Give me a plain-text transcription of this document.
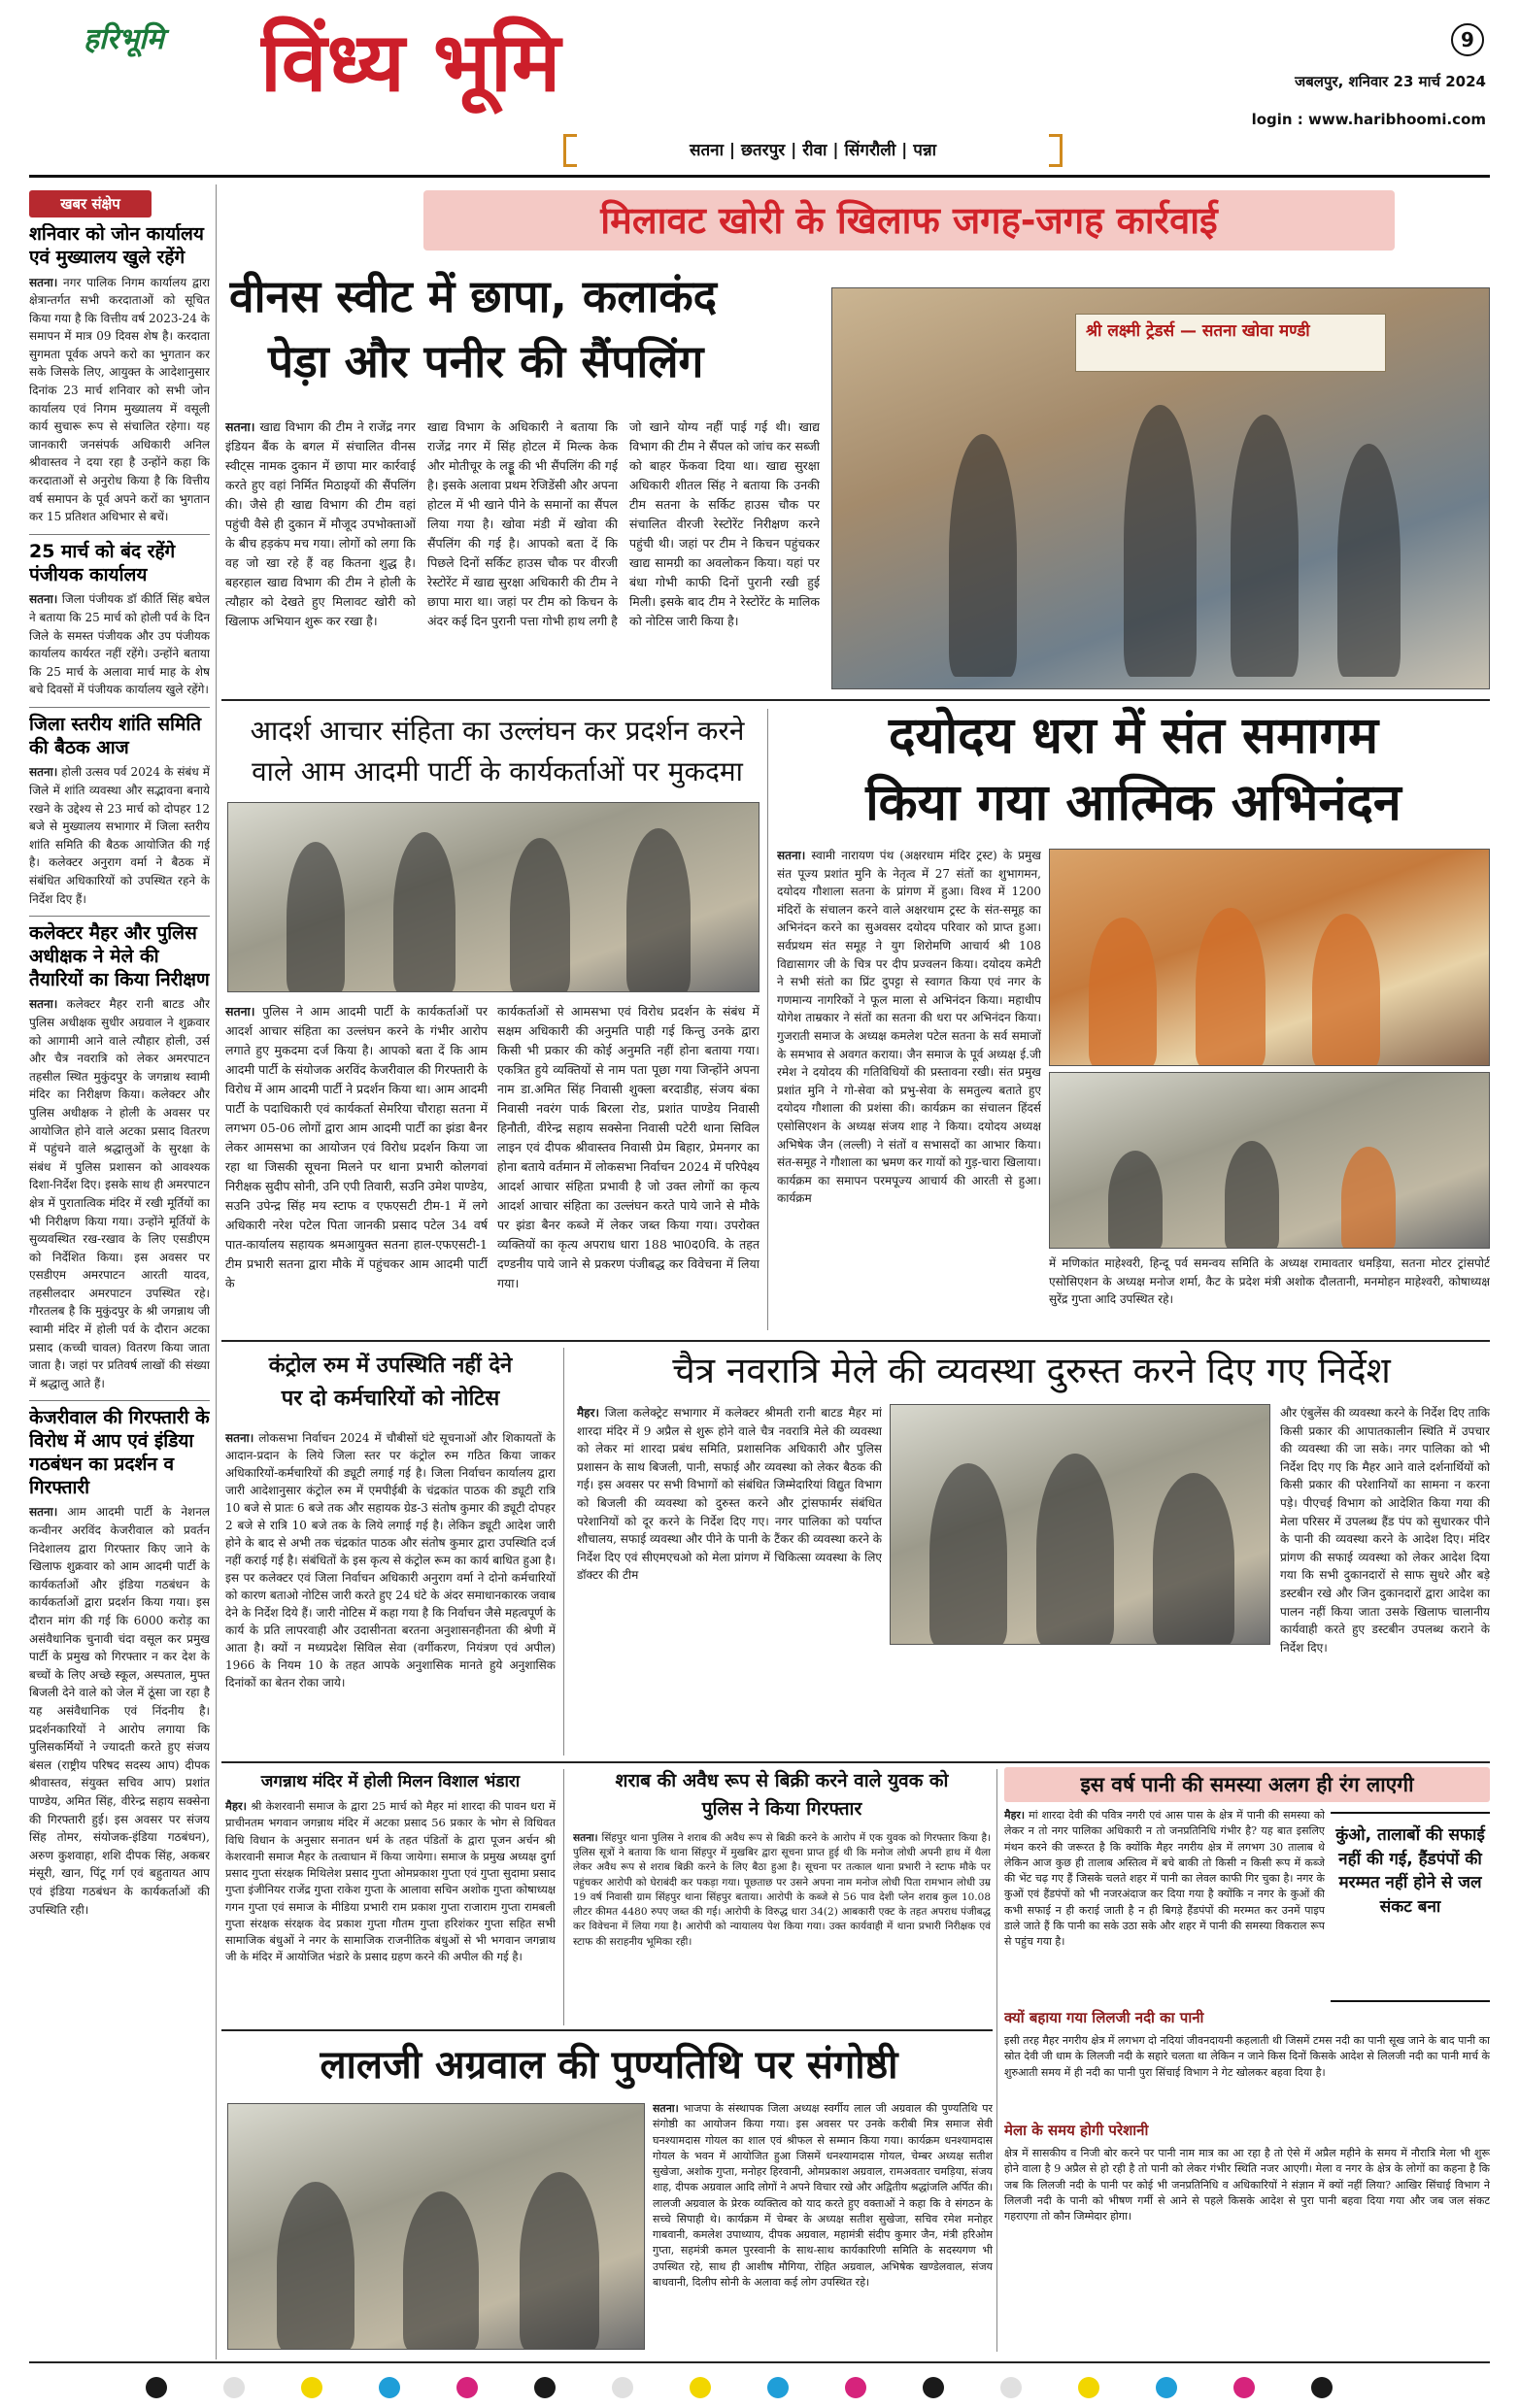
हरिभूमि	विंध्य भूमि	9
जबलपुर, शनिवार 23 मार्च 2024
login : www.haribhoomi.com
सतना | छतरपुर | रीवा | सिंगरौली | पन्ना
खबर संक्षेप
शनिवार को जोन कार्यालय एवं मुख्यालय खुले रहेंगे
सतना। नगर पालिक निगम कार्यालय द्वारा क्षेत्रान्तर्गत सभी करदाताओं को सूचित किया गया है कि वित्तीय वर्ष 2023-24 के समापन में मात्र 09 दिवस शेष है। करदाता सुगमता पूर्वक अपने करो का भुगतान कर सके जिसके लिए, आयुक्त के आदेशानुसार दिनांक 23 मार्च शनिवार को सभी जोन कार्यालय एवं निगम मुख्यालय में वसूली कार्य सुचारू रूप से संचालित रहेगा। यह जानकारी जनसंपर्क अधिकारी अनिल श्रीवास्तव ने दया रहा है उन्होंने कहा कि करदाताओं से अनुरोध किया है कि वित्तीय वर्ष समापन के पूर्व अपने करों का भुगतान कर 15 प्रतिशत अधिभार से बचें।
25 मार्च को बंद रहेंगे पंजीयक कार्यालय
सतना। जिला पंजीयक डॉ कीर्ति सिंह बघेल ने बताया कि 25 मार्च को होली पर्व के दिन जिले के समस्त पंजीयक और उप पंजीयक कार्यालय कार्यरत नहीं रहेंगे। उन्होंने बताया कि 25 मार्च के अलावा मार्च माह के शेष बचे दिवसों में पंजीयक कार्यालय खुले रहेंगे।
जिला स्तरीय शांति समिति की बैठक आज
सतना। होली उत्सव पर्व 2024 के संबंध में जिले में शांति व्यवस्था और सद्भावना बनाये रखने के उद्देश्य से 23 मार्च को दोपहर 12 बजे से मुख्यालय सभागार में जिला स्तरीय शांति समिति की बैठक आयोजित की गई है। कलेक्टर अनुराग वर्मा ने बैठक में संबंधित अधिकारियों को उपस्थित रहने के निर्देश दिए हैं।
कलेक्टर मैहर और पुलिस अधीक्षक ने मेले की तैयारियों का किया निरीक्षण
सतना। कलेक्टर मैहर रानी बाटड और पुलिस अधीक्षक सुधीर अग्रवाल ने शुक्रवार को आगामी आने वाले त्यौहार होली, उर्स और चैत्र नवरात्रि को लेकर अमरपाटन तहसील स्थित मुकुंदपुर के जगन्नाथ स्वामी मंदिर का निरीक्षण किया। कलेक्टर और पुलिस अधीक्षक ने होली के अवसर पर आयोजित होने वाले अटका प्रसाद वितरण में पहुंचने वाले श्रद्धालुओं के सुरक्षा के संबंध में पुलिस प्रशासन को आवश्यक दिशा-निर्देश दिए। इसके साथ ही अमरपाटन क्षेत्र में पुरातात्विक मंदिर में रखी मूर्तियों का भी निरीक्षण किया गया। उन्होंने मूर्तियों के सुव्यवस्थित रख-रखाव के लिए एसडीएम को निर्देशित किया। इस अवसर पर एसडीएम अमरपाटन आरती यादव, तहसीलदार अमरपाटन उपस्थित रहे। गौरतलब है कि मुकुंदपुर के श्री जगन्नाथ जी स्वामी मंदिर में होली पर्व के दौरान अटका प्रसाद (कच्ची चावल) वितरण किया जाता जाता है। जहां पर प्रतिवर्ष लाखों की संख्या में श्रद्धालु आते हैं।
केजरीवाल की गिरफ्तारी के विरोध में आप एवं इंडिया गठबंधन का प्रदर्शन व गिरफ्तारी
सतना। आम आदमी पार्टी के नेशनल कन्वीनर अरविंद केजरीवाल को प्रवर्तन निदेशालय द्वारा गिरफ्तार किए जाने के खिलाफ शुक्रवार को आम आदमी पार्टी के कार्यकर्ताओं और इंडिया गठबंधन के कार्यकर्ताओं द्वारा प्रदर्शन किया गया। इस दौरान मांग की गई कि 6000 करोड़ का असंवैधानिक चुनावी चंदा वसूल कर प्रमुख पार्टी के प्रमुख को गिरफ्तार न कर देश के बच्चों के लिए अच्छे स्कूल, अस्पताल, मुफ्त बिजली देने वाले को जेल में ठूंसा जा रहा है यह असंवैधानिक एवं निंदनीय है। प्रदर्शनकारियों ने आरोप लगाया कि पुलिसकर्मियों ने ज्यादती करते हुए संजय बंसल (राष्ट्रीय परिषद सदस्य आप) दीपक श्रीवास्तव, संयुक्त सचिव आप) प्रशांत पाण्डेय, अमित सिंह, वीरेन्द्र सहाय सक्सेना की गिरफ्तारी हुई। इस अवसर पर संजय सिंह तोमर, संयोजक-इंडिया गठबंधन), अरुण कुशवाहा, शशि दीपक सिंह, अकबर मंसूरी, खान, पिंटू गर्ग एवं बहुतायत आप एवं इंडिया गठबंधन के कार्यकर्ताओं की उपस्थिति रही।
मिलावट खोरी के खिलाफ जगह-जगह कार्रवाई
वीनस स्वीट में छापा, कलाकंद
पेड़ा और पनीर की सैंपलिंग
सतना। खाद्य विभाग की टीम ने राजेंद्र नगर इंडियन बैंक के बगल में संचालित वीनस स्वीट्स नामक दुकान में छापा मार कार्रवाई करते हुए वहां निर्मित मिठाइयों की सैंपलिंग की। जैसे ही खाद्य विभाग की टीम वहां पहुंची वैसे ही दुकान में मौजूद उपभोक्ताओं के बीच हड़कंप मच गया। लोगों को लगा कि वह जो खा रहे हैं वह कितना शुद्ध है। बहरहाल खाद्य विभाग की टीम ने होली के त्यौहार को देखते हुए मिलावट खोरी को खिलाफ अभियान शुरू कर रखा है।
खाद्य विभाग के अधिकारी ने बताया कि राजेंद्र नगर में सिंह होटल में मिल्क केक और मोतीचूर के लड्डू की भी सैंपलिंग की गई है। इसके अलावा प्रथम रेजिडेंसी और अपना होटल में भी खाने पीने के समानों का सैंपल लिया गया है। खोवा मंडी में खोवा की सैंपलिंग की गई है। आपको बता दें कि पिछले दिनों सर्किट हाउस चौक पर वीरजी रेस्टोरेंट में खाद्य सुरक्षा अधिकारी की टीम ने छापा मारा था। जहां पर टीम को किचन के अंदर कई दिन पुरानी पत्ता गोभी हाथ लगी है
जो खाने योग्य नहीं पाई गई थी। खाद्य विभाग की टीम ने सैंपल को जांच कर सब्जी को बाहर फेंकवा दिया था। खाद्य सुरक्षा अधिकारी शीतल सिंह ने बताया कि उनकी टीम सतना के सर्किट हाउस चौक पर संचालित वीरजी रेस्टोरेंट निरीक्षण करने पहुंची थी। जहां पर टीम ने किचन पहुंचकर खाद्य सामग्री का अवलोकन किया। यहां पर बंधा गोभी काफी दिनों पुरानी रखी हुई मिली। इसके बाद टीम ने रेस्टोरेंट के मालिक को नोटिस जारी किया है।
श्री लक्ष्मी ट्रेडर्स — सतना खोवा मण्डी
आदर्श आचार संहिता का उल्लंघन कर प्रदर्शन करने
वाले आम आदमी पार्टी के कार्यकर्ताओं पर मुकदमा
सतना। पुलिस ने आम आदमी पार्टी के कार्यकर्ताओं पर आदर्श आचार संहिता का उल्लंघन करने के गंभीर आरोप लगाते हुए मुकदमा दर्ज किया है। आपको बता दें कि आम आदमी पार्टी के संयोजक अरविंद केजरीवाल की गिरफ्तारी के विरोध में आम आदमी पार्टी ने प्रदर्शन किया था। आम आदमी पार्टी के पदाधिकारी एवं कार्यकर्ता सेमरिया चौराहा सतना में लगभग 05-06 लोगों द्वारा आम आदमी पार्टी का झंडा बैनर लेकर आमसभा का आयोजन एवं विरोध प्रदर्शन किया जा रहा था जिसकी सूचना मिलने पर थाना प्रभारी कोलगवां निरीक्षक सुदीप सोनी, उनि एपी तिवारी, सउनि उमेश पाण्डेय, सउनि उपेन्द्र सिंह मय स्टाफ व एफएसटी टीम-1 में लगे अधिकारी नरेश पटेल पिता जानकी प्रसाद पटेल 34 वर्ष पात-कार्यालय सहायक श्रमआयुक्त सतना हाल-एफएसटी-1 टीम प्रभारी सतना द्वारा मौके में पहुंचकर आम आदमी पार्टी के
कार्यकर्ताओं से आमसभा एवं विरोध प्रदर्शन के संबंध में सक्षम अधिकारी की अनुमति पाही गई किन्तु उनके द्वारा किसी भी प्रकार की कोई अनुमति नहीं होना बताया गया। एकत्रित हुये व्यक्तियों से नाम पता पूछा गया जिन्होंने अपना नाम डा.अमित सिंह निवासी शुक्ला बरदाडीह, संजय बंका निवासी नवरंग पार्क बिरला रोड, प्रशांत पाण्डेय निवासी हिनौती, वीरेन्द्र सहाय सक्सेना निवासी पटेरी थाना सिविल लाइन एवं दीपक श्रीवास्तव निवासी प्रेम बिहार, प्रेमनगर का होना बताये वर्तमान में लोकसभा निर्वाचन 2024 में परिपेक्ष्य आदर्श आचार संहिता प्रभावी है जो उक्त लोगों का कृत्य आदर्श आचार संहिता का उल्लंघन करते पाये जाने से मौके पर झंडा बैनर कब्जे में लेकर जब्त किया गया। उपरोक्त व्यक्तियों का कृत्य अपराध धारा 188 भा0द0वि. के तहत दण्डनीय पाये जाने से प्रकरण पंजीबद्ध कर विवेचना में लिया गया।
दयोदय धरा में संत समागम
किया गया आत्मिक अभिनंदन
सतना। स्वामी नारायण पंथ (अक्षरधाम मंदिर ट्रस्ट) के प्रमुख संत पूज्य प्रशांत मुनि के नेतृत्व में 27 संतों का शुभागमन, दयोदय गौशाला सतना के प्रांगण में हुआ। विश्व में 1200 मंदिरों के संचालन करने वाले अक्षरधाम ट्रस्ट के संत-समूह का अभिनंदन करने का सुअवसर दयोदय परिवार को प्राप्त हुआ। सर्वप्रथम संत समूह ने युग शिरोमणि आचार्य श्री 108 विद्यासागर जी के चित्र पर दीप प्रज्वलन किया। दयोदय कमेटी ने सभी संतो का प्रिंट दुपट्टा से स्वागत किया एवं नगर के गणमान्य नागरिकों ने फूल माला से अभिनंदन किया। महाधीप योगेश ताम्रकार ने संतों का सतना की धरा पर अभिनंदन किया। गुजराती समाज के अध्यक्ष कमलेश पटेल सतना के सर्व समाजों के समभाव से अवगत कराया। जैन समाज के पूर्व अध्यक्ष ई.जी रमेश ने दयोदय की गतिविधियों की प्रस्तावना रखी। संत प्रमुख प्रशांत मुनि ने गो-सेवा को प्रभु-सेवा के समतुल्य बताते हुए दयोदय गौशाला की प्रशंसा की। कार्यक्रम का संचालन हिंदर्स एसोसिएशन के अध्यक्ष संजय शाह ने किया। दयोदय अध्यक्ष अभिषेक जैन (लल्ली) ने संतों व सभासदों का आभार किया। संत-समूह ने गौशाला का भ्रमण कर गायों को गुड़-चारा खिलाया। कार्यक्रम का समापन परमपूज्य आचार्य की आरती से हुआ। कार्यक्रम
में मणिकांत माहेश्वरी, हिन्दू पर्व समन्वय समिति के अध्यक्ष रामावतार धमड़िया, सतना मोटर ट्रांसपोर्ट एसोसिएशन के अध्यक्ष मनोज शर्मा, कैट के प्रदेश मंत्री अशोक दौलतानी, मनमोहन माहेश्वरी, कोषाध्यक्ष सुरेंद्र गुप्ता आदि उपस्थित रहे।
कंट्रोल रुम में उपस्थिति नहीं देने
पर दो कर्मचारियों को नोटिस
सतना। लोकसभा निर्वाचन 2024 में चौबीसों घंटे सूचनाओं और शिकायतों के आदान-प्रदान के लिये जिला स्तर पर कंट्रोल रुम गठित किया जाकर अधिकारियों-कर्मचारियों की ड्यूटी लगाई गई है। जिला निर्वाचन कार्यालय द्वारा जारी आदेशानुसार कंट्रोल रुम में एमपीईबी के चंद्रकांत पाठक की ड्यूटी रात्रि 10 बजे से प्रातः 6 बजे तक और सहायक ग्रेड-3 संतोष कुमार की ड्यूटी दोपहर 2 बजे से रात्रि 10 बजे तक के लिये लगाई गई है। लेकिन ड्यूटी आदेश जारी होने के बाद से अभी तक चंद्रकांत पाठक और संतोष कुमार द्वारा उपस्थिति दर्ज नहीं कराई गई है। संबंधितों के इस कृत्य से कंट्रोल रूम का कार्य बाधित हुआ है। इस पर कलेक्टर एवं जिला निर्वाचन अधिकारी अनुराग वर्मा ने दोनो कर्मचारियों को कारण बताओ नोटिस जारी करते हुए 24 घंटे के अंदर समाधानकारक जवाब देने के निर्देश दिये हैं। जारी नोटिस में कहा गया है कि निर्वाचन जैसे महत्वपूर्ण के कार्य के प्रति लापरवाही और उदासीनता बरतना अनुशासनहीनता की श्रेणी में आता है। क्यों न मध्यप्रदेश सिविल सेवा (वर्गीकरण, नियंत्रण एवं अपील) 1966 के नियम 10 के तहत आपके अनुशासिक मानते हुये अनुशासिक दिनांकों का बेतन रोका जाये।
चैत्र नवरात्रि मेले की व्यवस्था दुरुस्त करने दिए गए निर्देश
मैहर। जिला कलेक्ट्रेट सभागार में कलेक्टर श्रीमती रानी बाटड मैहर मां शारदा मंदिर में 9 अप्रैल से शुरू होने वाले चैत्र नवरात्रि मेले की व्यवस्था को लेकर मां शारदा प्रबंध समिति, प्रशासनिक अधिकारी और पुलिस प्रशासन के साथ बिजली, पानी, सफाई और व्यवस्था को लेकर बैठक की गई। इस अवसर पर सभी विभागों को संबंधित जिम्मेदारियां विद्युत विभाग को बिजली की व्यवस्था को दुरुस्त करने और ट्रांसफार्मर संबंधित परेशानियों को दूर करने के निर्देश दिए गए। नगर पालिका को पर्याप्त शौचालय, सफाई व्यवस्था और पीने के पानी के टैंकर की व्यवस्था करने के निर्देश दिए एवं सीएमएचओ को मेला प्रांगण में चिकित्सा व्यवस्था के लिए डॉक्टर की टीम
और एंबुलेंस की व्यवस्था करने के निर्देश दिए ताकि किसी प्रकार की आपातकालीन स्थिति में उपचार की व्यवस्था की जा सके। नगर पालिका को भी निर्देश दिए गए कि मैहर आने वाले दर्शनार्थियों को किसी प्रकार की परेशानियों का सामना न करना पड़े। पीएचई विभाग को आदेशित किया गया की मेला परिसर में उपलब्ध हैंड पंप को सुधारकर पीने के पानी की व्यवस्था करने के आदेश दिए। मंदिर प्रांगण की सफाई व्यवस्था को लेकर आदेश दिया गया कि सभी दुकानदारों से साफ सुधरे और बड़े डस्टबीन रखे और जिन दुकानदारों द्वारा आदेश का पालन नहीं किया जाता उसके खिलाफ चालानीय कार्यवाही करते हुए डस्टबीन उपलब्ध कराने के निर्देश दिए।
जगन्नाथ मंदिर में होली मिलन विशाल भंडारा
मैहर। श्री केशरवानी समाज के द्वारा 25 मार्च को मैहर मां शारदा की पावन धरा में प्राचीनतम भगवान जगन्नाथ मंदिर में अटका प्रसाद 56 प्रकार के भोग से विधिवत विधि विधान के अनुसार सनातन धर्म के तहत पंडितों के द्वारा पूजन अर्चन श्री केशरवानी समाज मैहर के तत्वाधान में किया जायेगा। समाज के प्रमुख अध्यक्ष दुर्गा प्रसाद गुप्ता संरक्षक मिथिलेश प्रसाद गुप्ता ओमप्रकाश गुप्ता एवं गुप्ता सुदामा प्रसाद गुप्ता इंजीनियर राजेंद्र गुप्ता राकेश गुप्ता के आलावा सचिन अशोक गुप्ता कोषाध्यक्ष गगन गुप्ता एवं समाज के मीडिया प्रभारी राम प्रकाश गुप्ता राजाराम गुप्ता रामबली गुप्ता संरक्षक संरक्षक वेद प्रकाश गुप्ता गौतम गुप्ता हरिशंकर गुप्ता सहित सभी सामाजिक बंधुओं ने नगर के सामाजिक राजनीतिक बंधुओं से भी भगवान जगन्नाथ जी के मंदिर में आयोजित भंडारे के प्रसाद ग्रहण करने की अपील की गई है।
शराब की अवैध रूप से बिक्री करने वाले युवक को
पुलिस ने किया गिरफ्तार
सतना। सिंहपुर थाना पुलिस ने शराब की अवैध रूप से बिक्री करने के आरोप में एक युवक को गिरफ्तार किया है। पुलिस सूत्रों ने बताया कि थाना सिंहपुर में मुखबिर द्वारा सूचना प्राप्त हुई थी कि मनोज लोधी अपनी हाथ में थैला लेकर अवैध रूप से शराब बिक्री करने के लिए बैठा हुआ है। सूचना पर तत्काल थाना प्रभारी ने स्टाफ मौके पर पहुंचकर आरोपी को घेराबंदी कर पकड़ा गया। पूछताछ पर उसने अपना नाम मनोज लोधी पिता रामभान लोधी उम्र 19 वर्ष निवासी ग्राम सिंहपुर थाना सिंहपुर बताया। आरोपी के कब्जे से 56 पाव देशी प्लेन शराब कुल 10.08 लीटर कीमत 4480 रुपए जब्त की गई। आरोपी के विरुद्ध धारा 34(2) आबकारी एक्ट के तहत अपराध पंजीबद्ध कर विवेचना में लिया गया है। आरोपी को न्यायालय पेश किया गया। उक्त कार्यवाही में थाना प्रभारी निरीक्षक एवं स्टाफ की सराहनीय भूमिका रही।
इस वर्ष पानी की समस्या अलग ही रंग लाएगी
मैहर। मां शारदा देवी की पवित्र नगरी एवं आस पास के क्षेत्र में पानी की समस्या को लेकर न तो नगर पालिका अधिकारी न तो जनप्रतिनिधि गंभीर है? यह बात इसलिए मंथन करने की जरूरत है कि क्योंकि मैहर नगरीय क्षेत्र में लगभग 30 तालाब थे लेकिन आज कुछ ही तालाब अस्तित्व में बचे बाकी तो किसी न किसी रूप में कब्जे की भेंट चढ़ गए हैं जिसके चलते शहर में पानी का लेवल काफी गिर चुका है। नगर के कुओं एवं हैंडपंपों को भी नजरअंदाज कर दिया गया है क्योंकि न नगर के कुओं की कभी सफाई न ही कराई जाती है न ही बिगड़े हैंडपंपों की मरम्मत कर उनमें पाइप डाले जाते हैं कि पानी का सके उठा सके और शहर में पानी की समस्या विकराल रूप से पहुंच गया है।
कुंओ, तालाबों की सफाई नहीं की गई, हैंडपंपों की मरम्मत नहीं होने से जल संकट बना
क्यों बहाया गया लिलजी नदी का पानी
इसी तरह मैहर नगरीय क्षेत्र में लगभग दो नदियां जीवनदायनी कहलाती थी जिसमें टमस नदी का पानी सूख जाने के बाद पानी का स्रोत देवी जी धाम के लिलजी नदी के सहारे चलता था लेकिन न जाने किस दिनों किसके आदेश से लिलजी नदी का पानी मार्च के शुरुआती समय में ही नदी का पानी पुरा सिंचाई विभाग ने गेट खोलकर बहवा दिया है।
मेला के समय होगी परेशानी
क्षेत्र में सासकीय व निजी बोर करने पर पानी नाम मात्र का आ रहा है तो ऐसे में अप्रैल महीने के समय में नौरात्रि मेला भी शुरू होने वाला है 9 अप्रैल से हो रही है तो पानी को लेकर गंभीर स्थिति नजर आएगी। मेला व नगर के क्षेत्र के लोगों का कहना है कि जब कि लिलजी नदी के पानी पर कोई भी जनप्रतिनिधि व अधिकारियों ने संज्ञान में क्यों नहीं लिया? आखिर सिंचाई विभाग ने लिलजी नदी के पानी को भीषण गर्मी से आने से पहले किसके आदेश से पुरा पानी बहवा दिया गया और जब जल संकट गहराएगा तो कौन जिम्मेदार होगा।
लालजी अग्रवाल की पुण्यतिथि पर संगोष्ठी
सतना। भाजपा के संस्थापक जिला अध्यक्ष स्वर्गीय लाल जी अग्रवाल की पुण्यतिथि पर संगोष्ठी का आयोजन किया गया। इस अवसर पर उनके करीबी मित्र समाज सेवी घनश्यामदास गोयल का शाल एवं श्रीफल से सम्मान किया गया। कार्यक्रम धनश्यामदास गोयल के भवन में आयोजित हुआ जिसमें धनश्यामदास गोयल, चेम्बर अध्यक्ष सतीश सुखेजा, अशोक गुप्ता, मनोहर हिरवानी, ओमप्रकाश अग्रवाल, रामअवतार चमड़िया, संजय शाह, दीपक अग्रवाल आदि लोगों ने अपने विचार रखे और अद्वितीय श्रद्धांजलि अर्पित की। लालजी अग्रवाल के प्रेरक व्यक्तित्व को याद करते हुए वक्ताओं ने कहा कि वे संगठन के सच्चे सिपाही थे। कार्यक्रम में चेम्बर के अध्यक्ष सतीश सुखेजा, सचिव रमेश मनोहर गाबवानी, कमलेश उपाध्याय, दीपक अग्रवाल, महामंत्री संदीप कुमार जैन, मंत्री हरिओम गुप्ता, सहमंत्री कमल पुरस्वानी के साथ-साथ कार्यकारिणी समिति के सदस्यगण भी उपस्थित रहे, साथ ही आशीष मौगिया, रोहित अग्रवाल, अभिषेक खण्डेलवाल, संजय बाधवानी, दिलीप सोनी के अलावा कई लोग उपस्थित रहे।
